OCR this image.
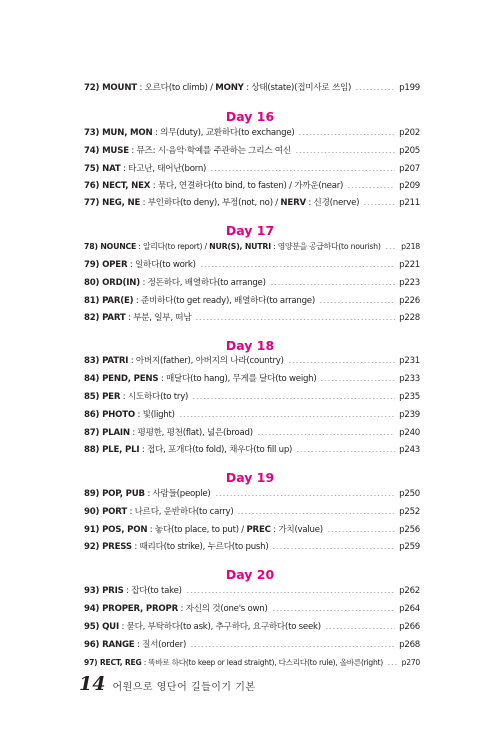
72) MOUNT : 오르다(to climb) / MONY : 상태(state)(접미사로 쓰임)	p199
Day 16
73) MUN, MON : 의무(duty), 교환하다(to exchange)	p202
74) MUSE : 뮤즈: 시·음악·학예를 주관하는 그리스 여신	p205
75) NAT : 타고난, 태어난(born)	p207
76) NECT, NEX : 묶다, 연결하다(to bind, to fasten) / 가까운(near)	p209
77) NEG, NE : 부인하다(to deny), 부정(not, no) / NERV : 신경(nerve)	p211
Day 17
78) NOUNCE : 알리다(to report) / NUR(S), NUTRI : 영양분을 공급하다(to nourish)	p218
79) OPER : 일하다(to work)	p221
80) ORD(IN) : 정돈하다, 배열하다(to arrange)	p223
81) PAR(E) : 준비하다(to get ready), 배열하다(to arrange)	p226
82) PART : 부분, 일부, 떠남	p228
Day 18
83) PATRI : 아버지(father), 아버지의 나라(country)	p231
84) PEND, PENS : 매달다(to hang), 무게를 달다(to weigh)	p233
85) PER : 시도하다(to try)	p235
86) PHOTO : 빛(light)	p239
87) PLAIN : 평평한, 평천(flat), 넓은(broad)	p240
88) PLE, PLI : 접다, 포개다(to fold), 채우다(to fill up)	p243
Day 19
89) POP, PUB : 사람들(people)	p250
90) PORT : 나르다, 운반하다(to carry)	p252
91) POS, PON : 놓다(to place, to put) / PREC : 가치(value)	p256
92) PRESS : 때리다(to strike), 누르다(to push)	p259
Day 20
93) PRIS : 잡다(to take)	p262
94) PROPER, PROPR : 자신의 것(one's own)	p264
95) QUI : 묻다, 부탁하다(to ask), 추구하다, 요구하다(to seek)	p266
96) RANGE : 질서(order)	p268
97) RECT, REG : 똑바로 하다(to keep or lead straight), 다스리다(to rule), 올바른(right) p270
14 어원으로 영단어 길들이기 기본
